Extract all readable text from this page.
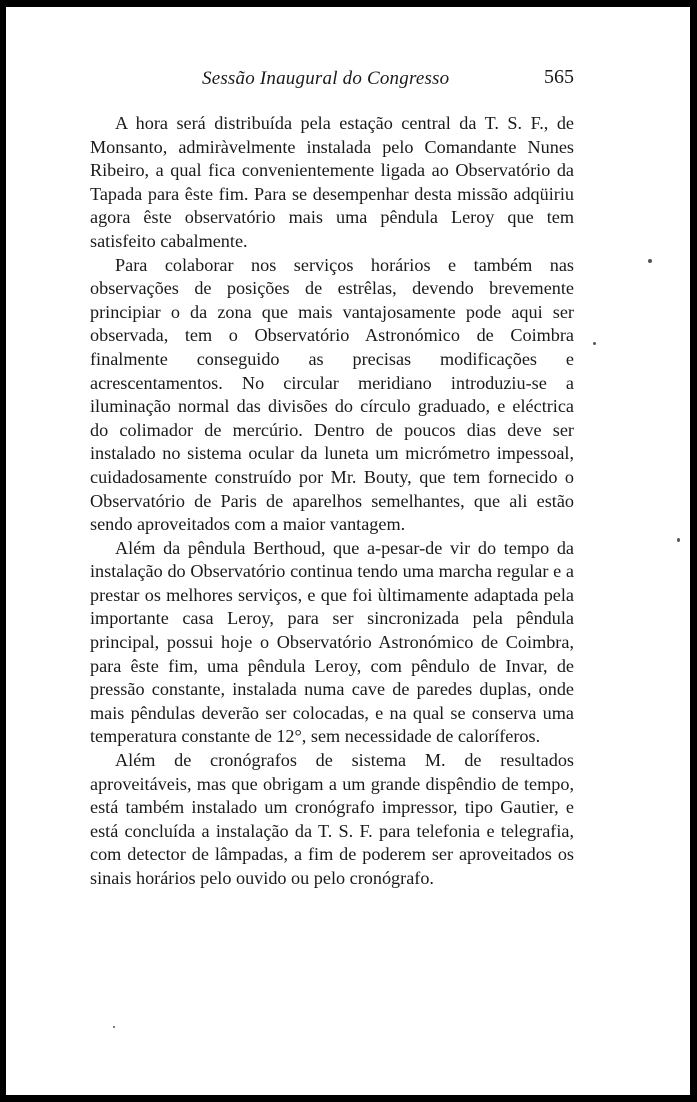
Sessão Inaugural do Congresso	565

A hora será distribuída pela estação central da T. S. F., de Monsanto, admiràvelmente instalada pelo Comandante Nunes Ribeiro, a qual fica convenientemente ligada ao Observatório da Tapada para êste fim. Para se desempenhar desta missão adqüiriu agora êste observatório mais uma pêndula Leroy que tem satisfeito cabalmente.

Para colaborar nos serviços horários e também nas observações de posições de estrêlas, devendo brevemente principiar o da zona que mais vantajosamente pode aqui ser observada, tem o Observatório Astronómico de Coimbra finalmente conseguido as precisas modificações e acrescentamentos. No circular meridiano introduziu-se a iluminação normal das divisões do círculo graduado, e eléctrica do colimador de mercúrio. Dentro de poucos dias deve ser instalado no sistema ocular da luneta um micrómetro impessoal, cuidadosamente construído por Mr. Bouty, que tem fornecido o Observatório de Paris de aparelhos semelhantes, que ali estão sendo aproveitados com a maior vantagem.

Além da pêndula Berthoud, que a-pesar-de vir do tempo da instalação do Observatório continua tendo uma marcha regular e a prestar os melhores serviços, e que foi ùltimamente adaptada pela importante casa Leroy, para ser sincronizada pela pêndula principal, possui hoje o Observatório Astronómico de Coimbra, para êste fim, uma pêndula Leroy, com pêndulo de Invar, de pressão constante, instalada numa cave de paredes duplas, onde mais pêndulas deverão ser colocadas, e na qual se conserva uma temperatura constante de 12°, sem necessidade de caloríferos.

Além de cronógrafos de sistema M. de resultados aproveitáveis, mas que obrigam a um grande dispêndio de tempo, está também instalado um cronógrafo impressor, tipo Gautier, e está concluída a instalação da T. S. F. para telefonia e telegrafia, com detector de lâmpadas, a fim de poderem ser aproveitados os sinais horários pelo ouvido ou pelo cronógrafo.
